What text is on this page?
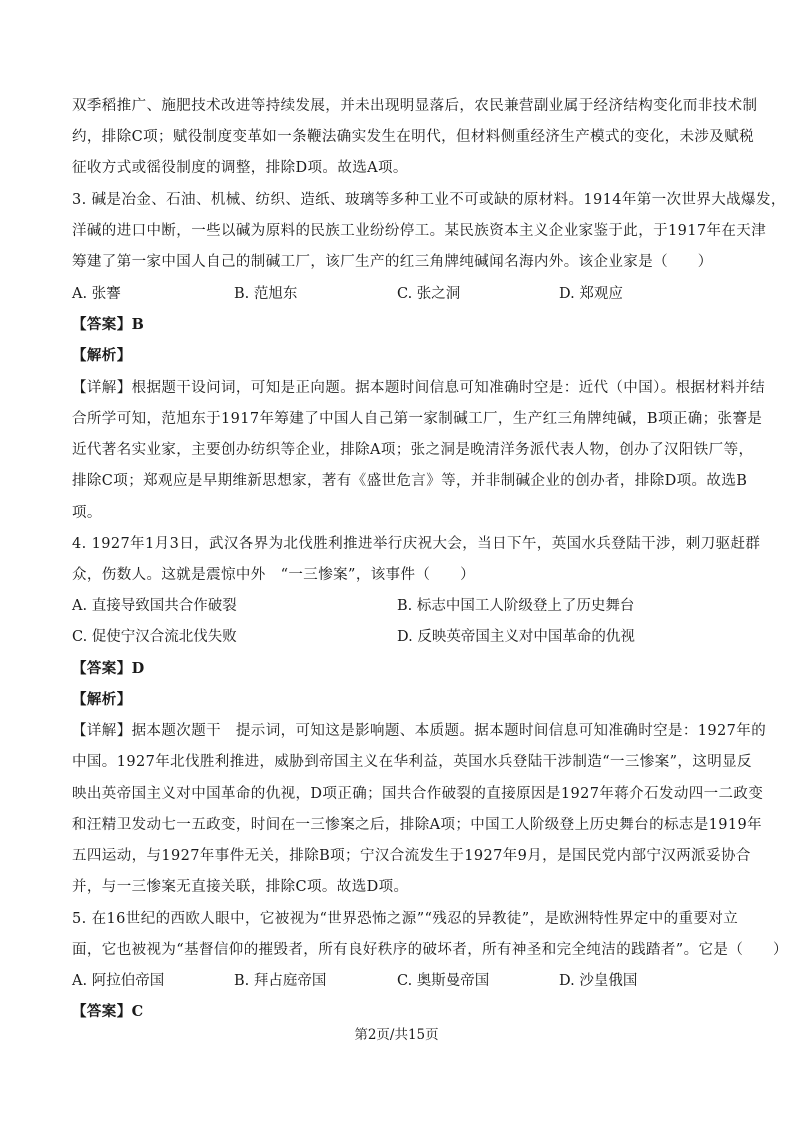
双季稻推广、施肥技术改进等持续发展，并未出现明显落后，农民兼营副业属于经济结构变化而非技术制
约，排除C项；赋役制度变革如一条鞭法确实发生在明代，但材料侧重经济生产模式的变化，未涉及赋税
征收方式或徭役制度的调整，排除D项。故选A项。
3. 碱是冶金、石油、机械、纺织、造纸、玻璃等多种工业不可或缺的原材料。1914年第一次世界大战爆发，
洋碱的进口中断，一些以碱为原料的民族工业纷纷停工。某民族资本主义企业家鉴于此，于1917年在天津
筹建了第一家中国人自己的制碱工厂，该厂生产的红三角牌纯碱闻名海内外。该企业家是（　　）
A. 张謇	B. 范旭东	C. 张之洞	D. 郑观应
【答案】B
【解析】
【详解】根据题干设问词，可知是正向题。据本题时间信息可知准确时空是：近代（中国）。根据材料并结
合所学可知，范旭东于1917年筹建了中国人自己第一家制碱工厂，生产红三角牌纯碱，B项正确；张謇是
近代著名实业家，主要创办纺织等企业，排除A项；张之洞是晚清洋务派代表人物，创办了汉阳铁厂等，
排除C项；郑观应是早期维新思想家，著有《盛世危言》等，并非制碱企业的创办者，排除D项。故选B
项。
4. 1927年1月3日，武汉各界为北伐胜利推进举行庆祝大会，当日下午，英国水兵登陆干涉，刺刀驱赶群
众，伤数人。这就是震惊中外　“一三惨案”，该事件（　　）
A. 直接导致国共合作破裂	B. 标志中国工人阶级登上了历史舞台
C. 促使宁汉合流北伐失败	D. 反映英帝国主义对中国革命的仇视
【答案】D
【解析】
【详解】据本题次题干　提示词，可知这是影响题、本质题。据本题时间信息可知准确时空是：1927年的
中国。1927年北伐胜利推进，威胁到帝国主义在华利益，英国水兵登陆干涉制造“一三惨案”，这明显反
映出英帝国主义对中国革命的仇视，D项正确；国共合作破裂的直接原因是1927年蒋介石发动四一二政变
和汪精卫发动七一五政变，时间在一三惨案之后，排除A项；中国工人阶级登上历史舞台的标志是1919年
五四运动，与1927年事件无关，排除B项；宁汉合流发生于1927年9月，是国民党内部宁汉两派妥协合
并，与一三惨案无直接关联，排除C项。故选D项。
5. 在16世纪的西欧人眼中，它被视为“世界恐怖之源”“残忍的异教徒”，是欧洲特性界定中的重要对立
面，它也被视为“基督信仰的摧毁者，所有良好秩序的破坏者，所有神圣和完全纯洁的践踏者”。它是（　　）
A. 阿拉伯帝国	B. 拜占庭帝国	C. 奥斯曼帝国	D. 沙皇俄国
【答案】C
第2页/共15页
